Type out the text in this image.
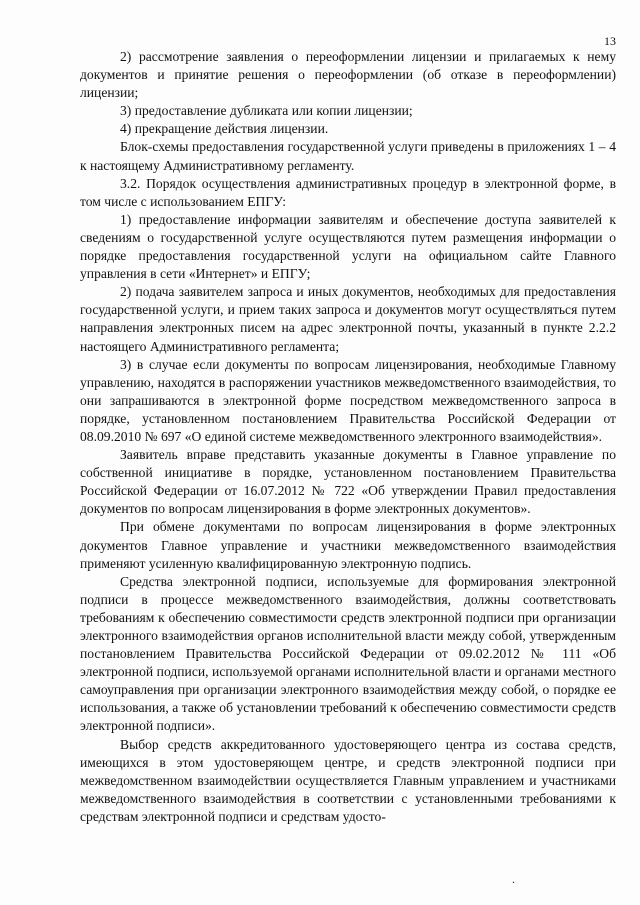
13

2) рассмотрение заявления о переоформлении лицензии и прилагаемых к нему документов и принятие решения о переоформлении (об отказе в переоформлении) лицензии;

3) предоставление дубликата или копии лицензии;

4) прекращение действия лицензии.

Блок-схемы предоставления государственной услуги приведены в приложениях 1 – 4 к настоящему Административному регламенту.

3.2. Порядок осуществления административных процедур в электронной форме, в том числе с использованием ЕПГУ:

1) предоставление информации заявителям и обеспечение доступа заявителей к сведениям о государственной услуге осуществляются путем размещения информации о порядке предоставления государственной услуги на официальном сайте Главного управления в сети «Интернет» и ЕПГУ;

2) подача заявителем запроса и иных документов, необходимых для предоставления государственной услуги, и прием таких запроса и документов могут осуществляться путем направления электронных писем на адрес электронной почты, указанный в пункте 2.2.2 настоящего Административного регламента;

3) в случае если документы по вопросам лицензирования, необходимые Главному управлению, находятся в распоряжении участников межведомственного взаимодействия, то они запрашиваются в электронной форме посредством межведомственного запроса в порядке, установленном постановлением Правительства Российской Федерации от 08.09.2010 № 697 «О единой системе межведомственного электронного взаимодействия».

Заявитель вправе представить указанные документы в Главное управление по собственной инициативе в порядке, установленном постановлением Правительства Российской Федерации от 16.07.2012 № 722 «Об утверждении Правил предоставления документов по вопросам лицензирования в форме электронных документов».

При обмене документами по вопросам лицензирования в форме электронных документов Главное управление и участники межведомственного взаимодействия применяют усиленную квалифицированную электронную подпись.

Средства электронной подписи, используемые для формирования электронной подписи в процессе межведомственного взаимодействия, должны соответствовать требованиям к обеспечению совместимости средств электронной подписи при организации электронного взаимодействия органов исполнительной власти между собой, утвержденным постановлением Правительства Российской Федерации от 09.02.2012 № 111 «Об электронной подписи, используемой органами исполнительной власти и органами местного самоуправления при организации электронного взаимодействия между собой, о порядке ее использования, а также об установлении требований к обеспечению совместимости средств электронной подписи».

Выбор средств аккредитованного удостоверяющего центра из состава средств, имеющихся в этом удостоверяющем центре, и средств электронной подписи при межведомственном взаимодействии осуществляется Главным управлением и участниками межведомственного взаимодействия в соответствии с установленными требованиями к средствам электронной подписи и средствам удосто-

.
